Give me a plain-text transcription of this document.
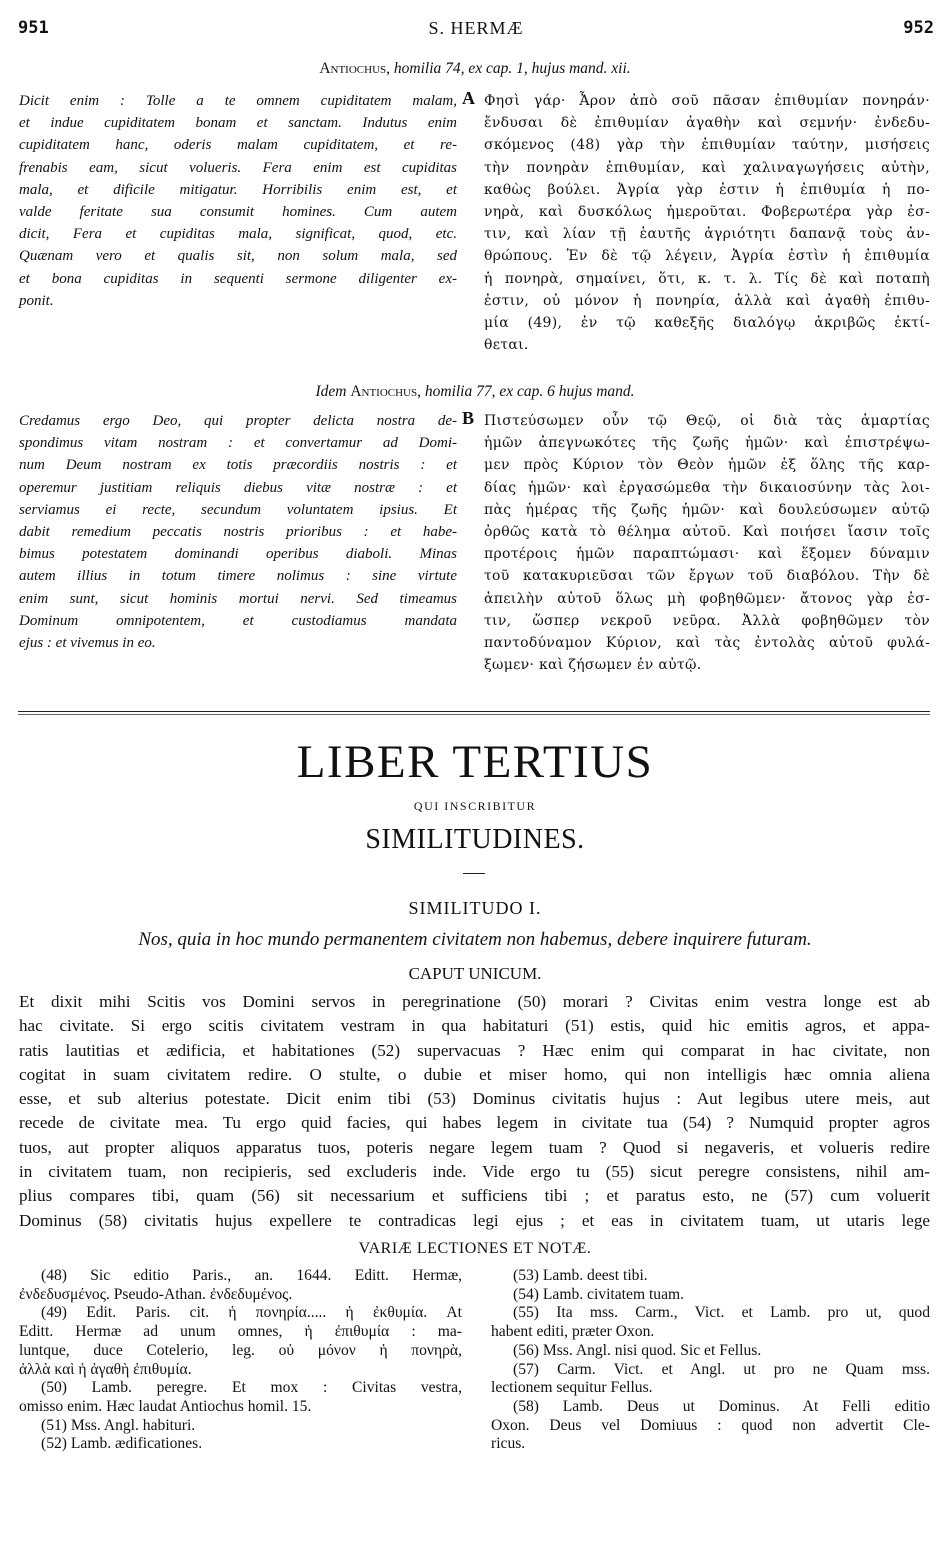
951	S. HERMÆ	952
Antiochus, homilia 74, ex cap. 1, hujus mand. xii.
Dicit enim : Tolle a te omnem cupiditatem malam,
et indue cupiditatem bonam et sanctam. Indutus enim
cupiditatem hanc, oderis malam cupiditatem, et re-
frenabis eam, sicut volueris. Fera enim est cupiditas
mala, et dificile mitigatur. Horribilis enim est, et
valde feritate sua consumit homines. Cum autem
dicit, Fera et cupiditas mala, significat, quod, etc.
Quænam vero et qualis sit, non solum mala, sed
et bona cupiditas in sequenti sermone diligenter ex-
ponit.
A Φησὶ γάρ· Ἆρον ἀπὸ σοῦ πᾶσαν ἐπιθυμίαν πονηράν·
ἔνδυσαι δὲ ἐπιθυμίαν ἀγαθὴν καὶ σεμνήν· ἐνδεδυ-
σκόμενος (48) γὰρ τὴν ἐπιθυμίαν ταύτην, μισήσεις
τὴν πονηρὰν ἐπιθυμίαν, καὶ χαλιναγωγήσεις αὐτὴν,
καθὼς βούλει. Ἀγρία γὰρ ἐστιν ἡ ἐπιθυμία ἡ πο-
νηρὰ, καὶ δυσκόλως ἡμεροῦται. Φοβερωτέρα γὰρ ἐσ-
τιν, καὶ λίαν τῇ ἑαυτῆς ἀγριότητι δαπανᾷ τοὺς ἀν-
θρώπους. Ἐν δὲ τῷ λέγειν, Ἀγρία ἐστὶν ἡ ἐπιθυμία
ἡ πονηρὰ, σημαίνει, ὅτι, κ. τ. λ. Τίς δὲ καὶ ποταπὴ
ἐστιν, οὐ μόνον ἡ πονηρία, ἀλλὰ καὶ ἀγαθὴ ἐπιθυ-
μία (49), ἐν τῷ καθεξῆς διαλόγῳ ἀκριβῶς ἐκτί-
θεται.
Idem Antiochus, homilia 77, ex cap. 6 hujus mand.
Credamus ergo Deo, qui propter delicta nostra de-
spondimus vitam nostram : et convertamur ad Domi-
num Deum nostram ex totis præcordiis nostris : et
operemur justitiam reliquis diebus vitæ nostræ : et
serviamus ei recte, secundum voluntatem ipsius. Et
dabit remedium peccatis nostris prioribus : et habe-
bimus potestatem dominandi operibus diaboli. Minas
autem illius in totum timere nolimus : sine virtute
enim sunt, sicut hominis mortui nervi. Sed timeamus
Dominum omnipotentem, et custodiamus mandata
ejus : et vivemus in eo.
B Πιστεύσωμεν οὖν τῷ Θεῷ, οἱ διὰ τὰς ἁμαρτίας
ἡμῶν ἀπεγνωκότες τῆς ζωῆς ἡμῶν· καὶ ἐπιστρέψω-
μεν πρὸς Κύριον τὸν Θεὸν ἡμῶν ἐξ ὅλης τῆς καρ-
δίας ἡμῶν· καὶ ἐργασώμεθα τὴν δικαιοσύνην τὰς λοι-
πὰς ἡμέρας τῆς ζωῆς ἡμῶν· καὶ δουλεύσωμεν αὐτῷ
ὀρθῶς κατὰ τὸ θέλημα αὐτοῦ. Καὶ ποιήσει ἴασιν τοῖς
προτέροις ἡμῶν παραπτώμασι· καὶ ἕξομεν δύναμιν
τοῦ κατακυριεῦσαι τῶν ἔργων τοῦ διαβόλου. Τὴν δὲ
ἀπειλὴν αὐτοῦ ὅλως μὴ φοβηθῶμεν· ἄτονος γὰρ ἐσ-
τιν, ὥσπερ νεκροῦ νεῦρα. Ἀλλὰ φοβηθῶμεν τὸν
παντοδύναμον Κύριον, καὶ τὰς ἐντολὰς αὐτοῦ φυλά-
ξωμεν· καὶ ζήσωμεν ἐν αὐτῷ.
LIBER TERTIUS
QUI INSCRIBITUR
SIMILITUDINES.
SIMILITUDO I.
Nos, quia in hoc mundo permanentem civitatem non habemus, debere inquirere futuram.
CAPUT UNICUM.
Et dixit mihi Scitis vos Domini servos in peregrinatione (50) morari ? Civitas enim vestra longe est ab
hac civitate. Si ergo scitis civitatem vestram in qua habitaturi (51) estis, quid hic emitis agros, et appa-
ratis lautitias et ædificia, et habitationes (52) supervacuas ? Hæc enim qui comparat in hac civitate, non
cogitat in suam civitatem redire. O stulte, o dubie et miser homo, qui non intelligis hæc omnia aliena
esse, et sub alterius potestate. Dicit enim tibi (53) Dominus civitatis hujus : Aut legibus utere meis, aut
recede de civitate mea. Tu ergo quid facies, qui habes legem in civitate tua (54) ? Numquid propter agros
tuos, aut propter aliquos apparatus tuos, poteris negare legem tuam ? Quod si negaveris, et volueris redire
in civitatem tuam, non recipieris, sed excluderis inde. Vide ergo tu (55) sicut peregre consistens, nihil am-
plius compares tibi, quam (56) sit necessarium et sufficiens tibi ; et paratus esto, ne (57) cum voluerit
Dominus (58) civitatis hujus expellere te contradicas legi ejus ; et eas in civitatem tuam, ut utaris lege
VARIÆ LECTIONES ET NOTÆ.
(48) Sic editio Paris., an. 1644. Editt. Hermæ,
ἐνδεδυσμένος. Pseudo-Athan. ἐνδεδυμένος.
(49) Edit. Paris. cit. ἡ πονηρία..... ἡ ἐκθυμία. At
Editt. Hermæ ad unum omnes, ἡ ἐπιθυμία : ma-
luntque, duce Cotelerio, leg. οὐ μόνον ἡ πονηρὰ,
ἀλλὰ καὶ ἡ ἀγαθὴ ἐπιθυμία.
(50) Lamb. peregre. Et mox : Civitas vestra,
omisso enim. Hæc laudat Antiochus homil. 15.
(51) Mss. Angl. habituri.
(52) Lamb. ædificationes.
(53) Lamb. deest tibi.
(54) Lamb. civitatem tuam.
(55) Ita mss. Carm., Vict. et Lamb. pro ut, quod
habent editi, præter Oxon.
(56) Mss. Angl. nisi quod. Sic et Fellus.
(57) Carm. Vict. et Angl. ut pro ne Quam mss.
lectionem sequitur Fellus.
(58) Lamb. Deus ut Dominus. At Felli editio
Oxon. Deus vel Domiuus : quod non advertit Cle-
ricus.
